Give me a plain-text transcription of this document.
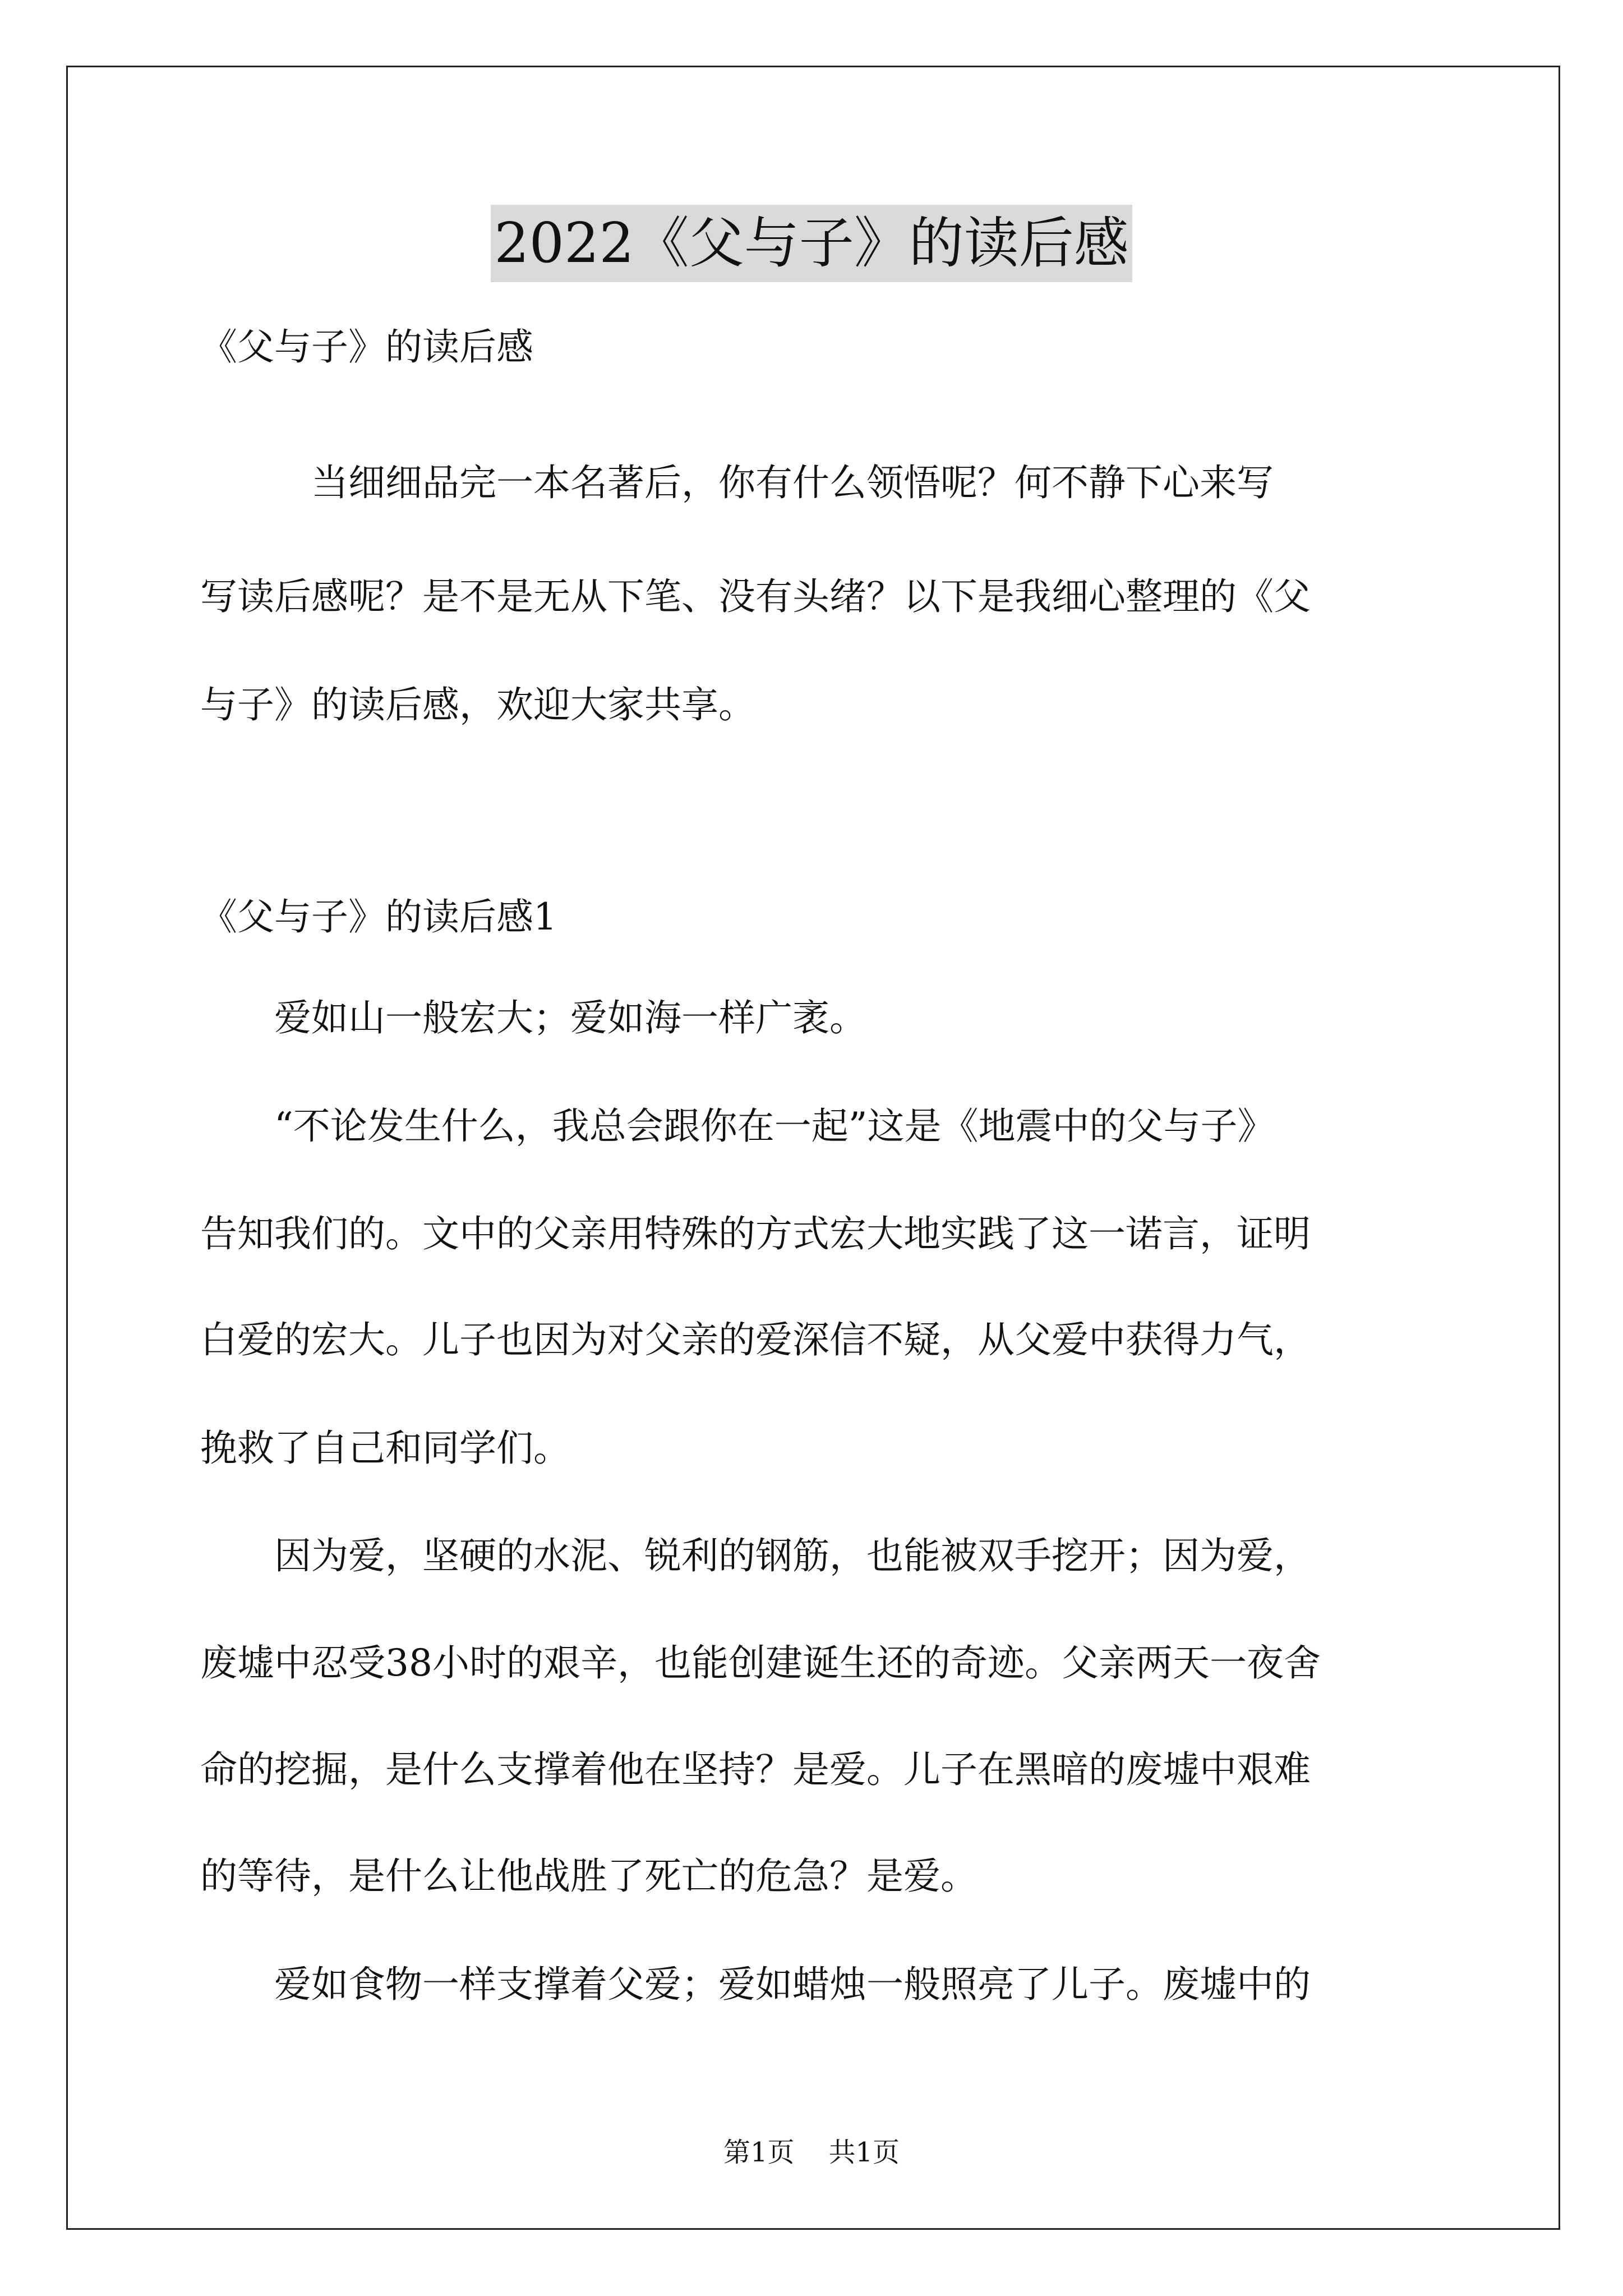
2022《父与子》的读后感
《父与子》的读后感
　　　当细细品完一本名著后，你有什么领悟呢？何不静下心来写
写读后感呢？是不是无从下笔、没有头绪？以下是我细心整理的《父
与子》的读后感，欢迎大家共享。
《父与子》的读后感1
　　爱如山一般宏大；爱如海一样广袤。
　　“不论发生什么，我总会跟你在一起”这是《地震中的父与子》
告知我们的。文中的父亲用特殊的方式宏大地实践了这一诺言，证明
白爱的宏大。儿子也因为对父亲的爱深信不疑，从父爱中获得力气，
挽救了自己和同学们。
　　因为爱，坚硬的水泥、锐利的钢筋，也能被双手挖开；因为爱，
废墟中忍受38小时的艰辛，也能创建诞生还的奇迹。父亲两天一夜舍
命的挖掘，是什么支撑着他在坚持？是爱。儿子在黑暗的废墟中艰难
的等待，是什么让他战胜了死亡的危急？是爱。
　　爱如食物一样支撑着父爱；爱如蜡烛一般照亮了儿子。废墟中的
第1页 共1页
